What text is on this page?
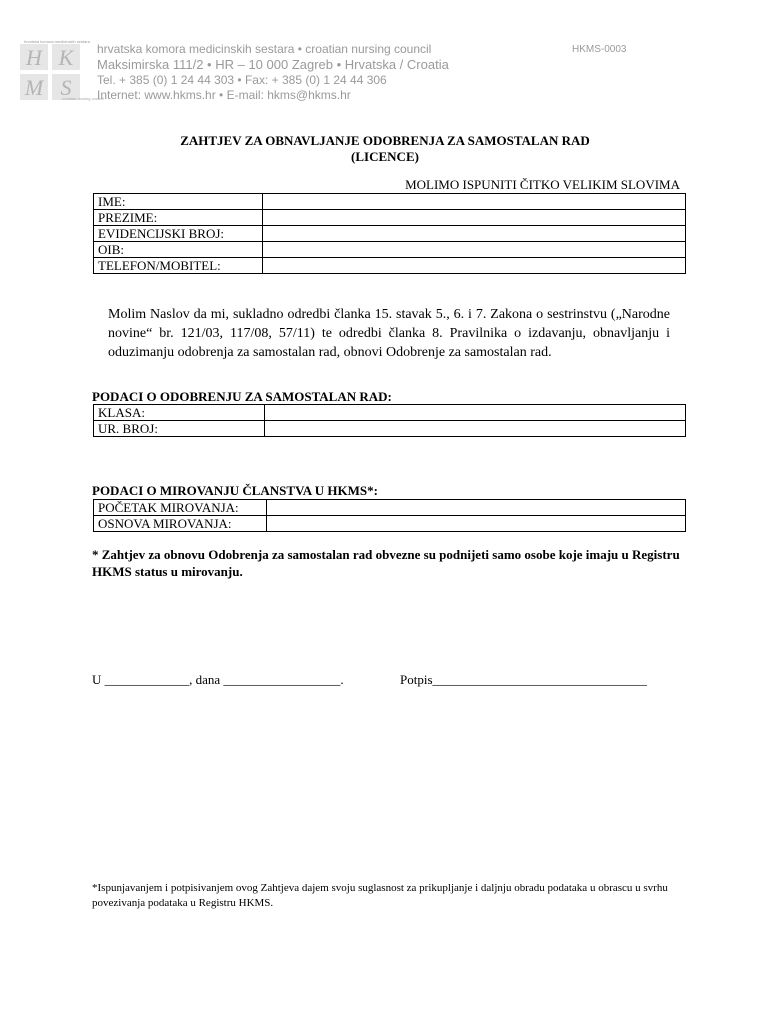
H K
M S
hrvatska komora medicinskih sestara
croatian nursing council
hrvatska komora medicinskih sestara • croatian nursing council
Maksimirska 111/2 • HR – 10 000 Zagreb • Hrvatska / Croatia
Tel. + 385 (0) 1 24 44 303 • Fax: + 385 (0) 1 24 44 306
Internet: www.hkms.hr • E-mail: hkms@hkms.hr
HKMS-0003
ZAHTJEV ZA OBNAVLJANJE ODOBRENJA ZA SAMOSTALAN RAD
(LICENCE)
MOLIMO ISPUNITI ČITKO VELIKIM SLOVIMA
IME:	
PREZIME:	
EVIDENCIJSKI BROJ:	
OIB:	
TELEFON/MOBITEL:	
Molim Naslov da mi, sukladno odredbi članka 15. stavak 5., 6. i 7. Zakona o sestrinstvu („Narodne novine“ br. 121/03, 117/08, 57/11) te odredbi članka 8. Pravilnika o izdavanju, obnavljanju i oduzimanju odobrenja za samostalan rad, obnovi Odobrenje za samostalan rad.
PODACI O ODOBRENJU ZA SAMOSTALAN RAD:
KLASA:	
UR. BROJ:	
PODACI O MIROVANJU ČLANSTVA U HKMS*:
POČETAK MIROVANJA:	
OSNOVA MIROVANJA:	
* Zahtjev za obnovu Odobrenja za samostalan rad obvezne su podnijeti samo osobe koje imaju u Registru HKMS status u mirovanju.
U _____________, dana __________________.	Potpis_________________________________
*Ispunjavanjem i potpisivanjem ovog Zahtjeva dajem svoju suglasnost za prikupljanje i daljnju obradu podataka u obrascu u svrhu povezivanja podataka u Registru HKMS.
